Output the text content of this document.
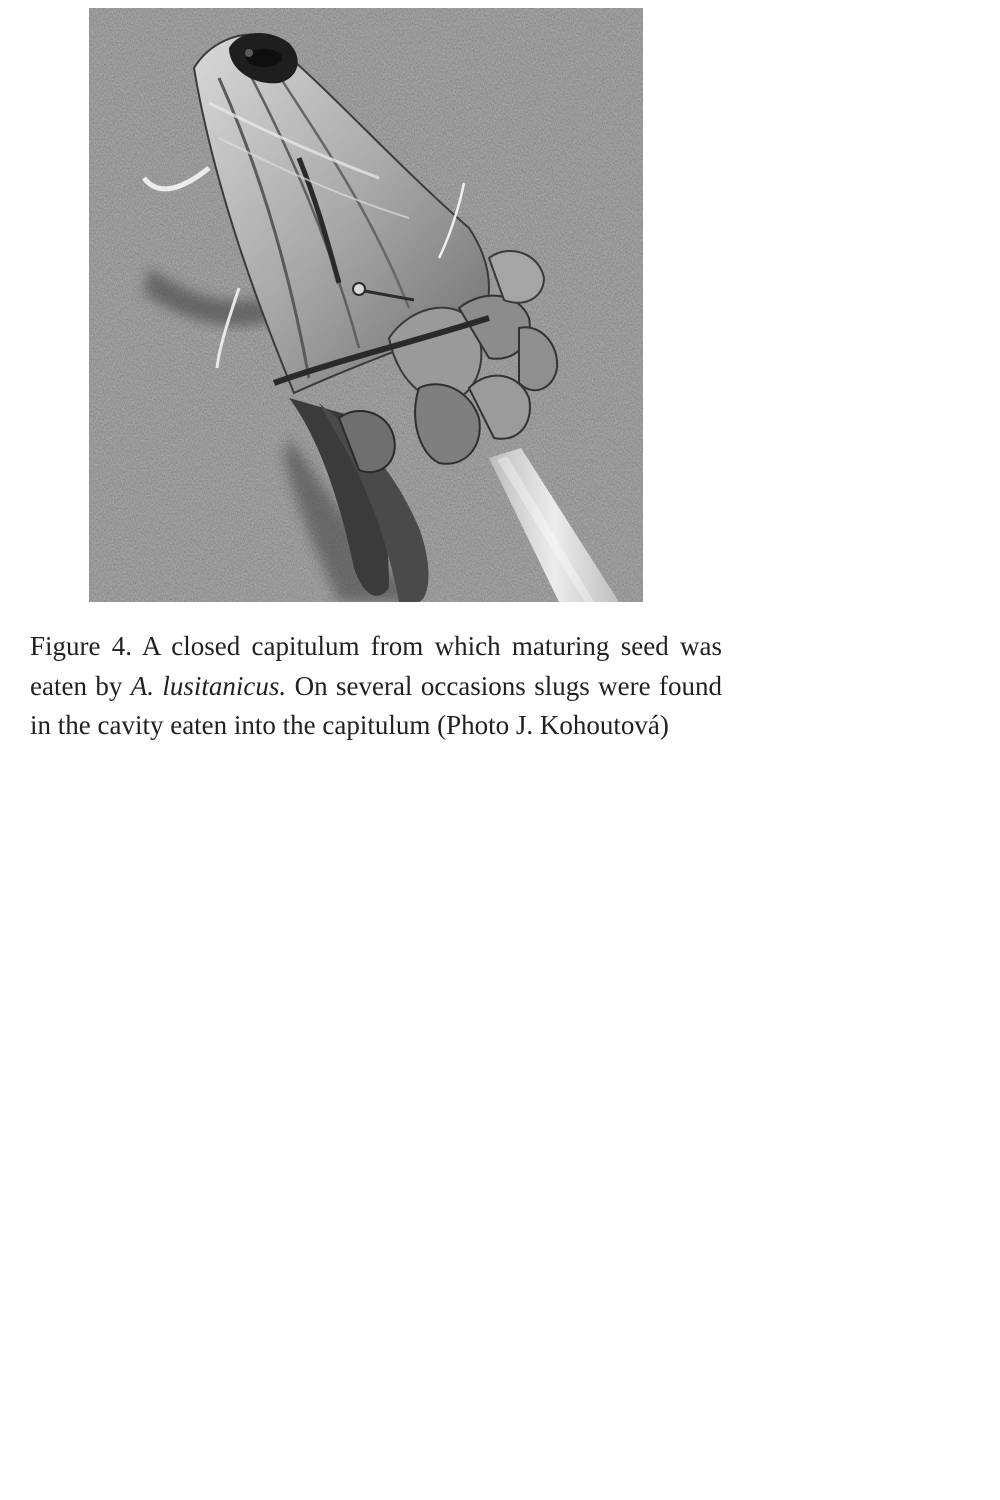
Figure 4. A closed capitulum from which maturing seed was eaten by A. lusitanicus. On several occasions slugs were found in the cavity eaten into the capitulum (Photo J. Kohoutová)
